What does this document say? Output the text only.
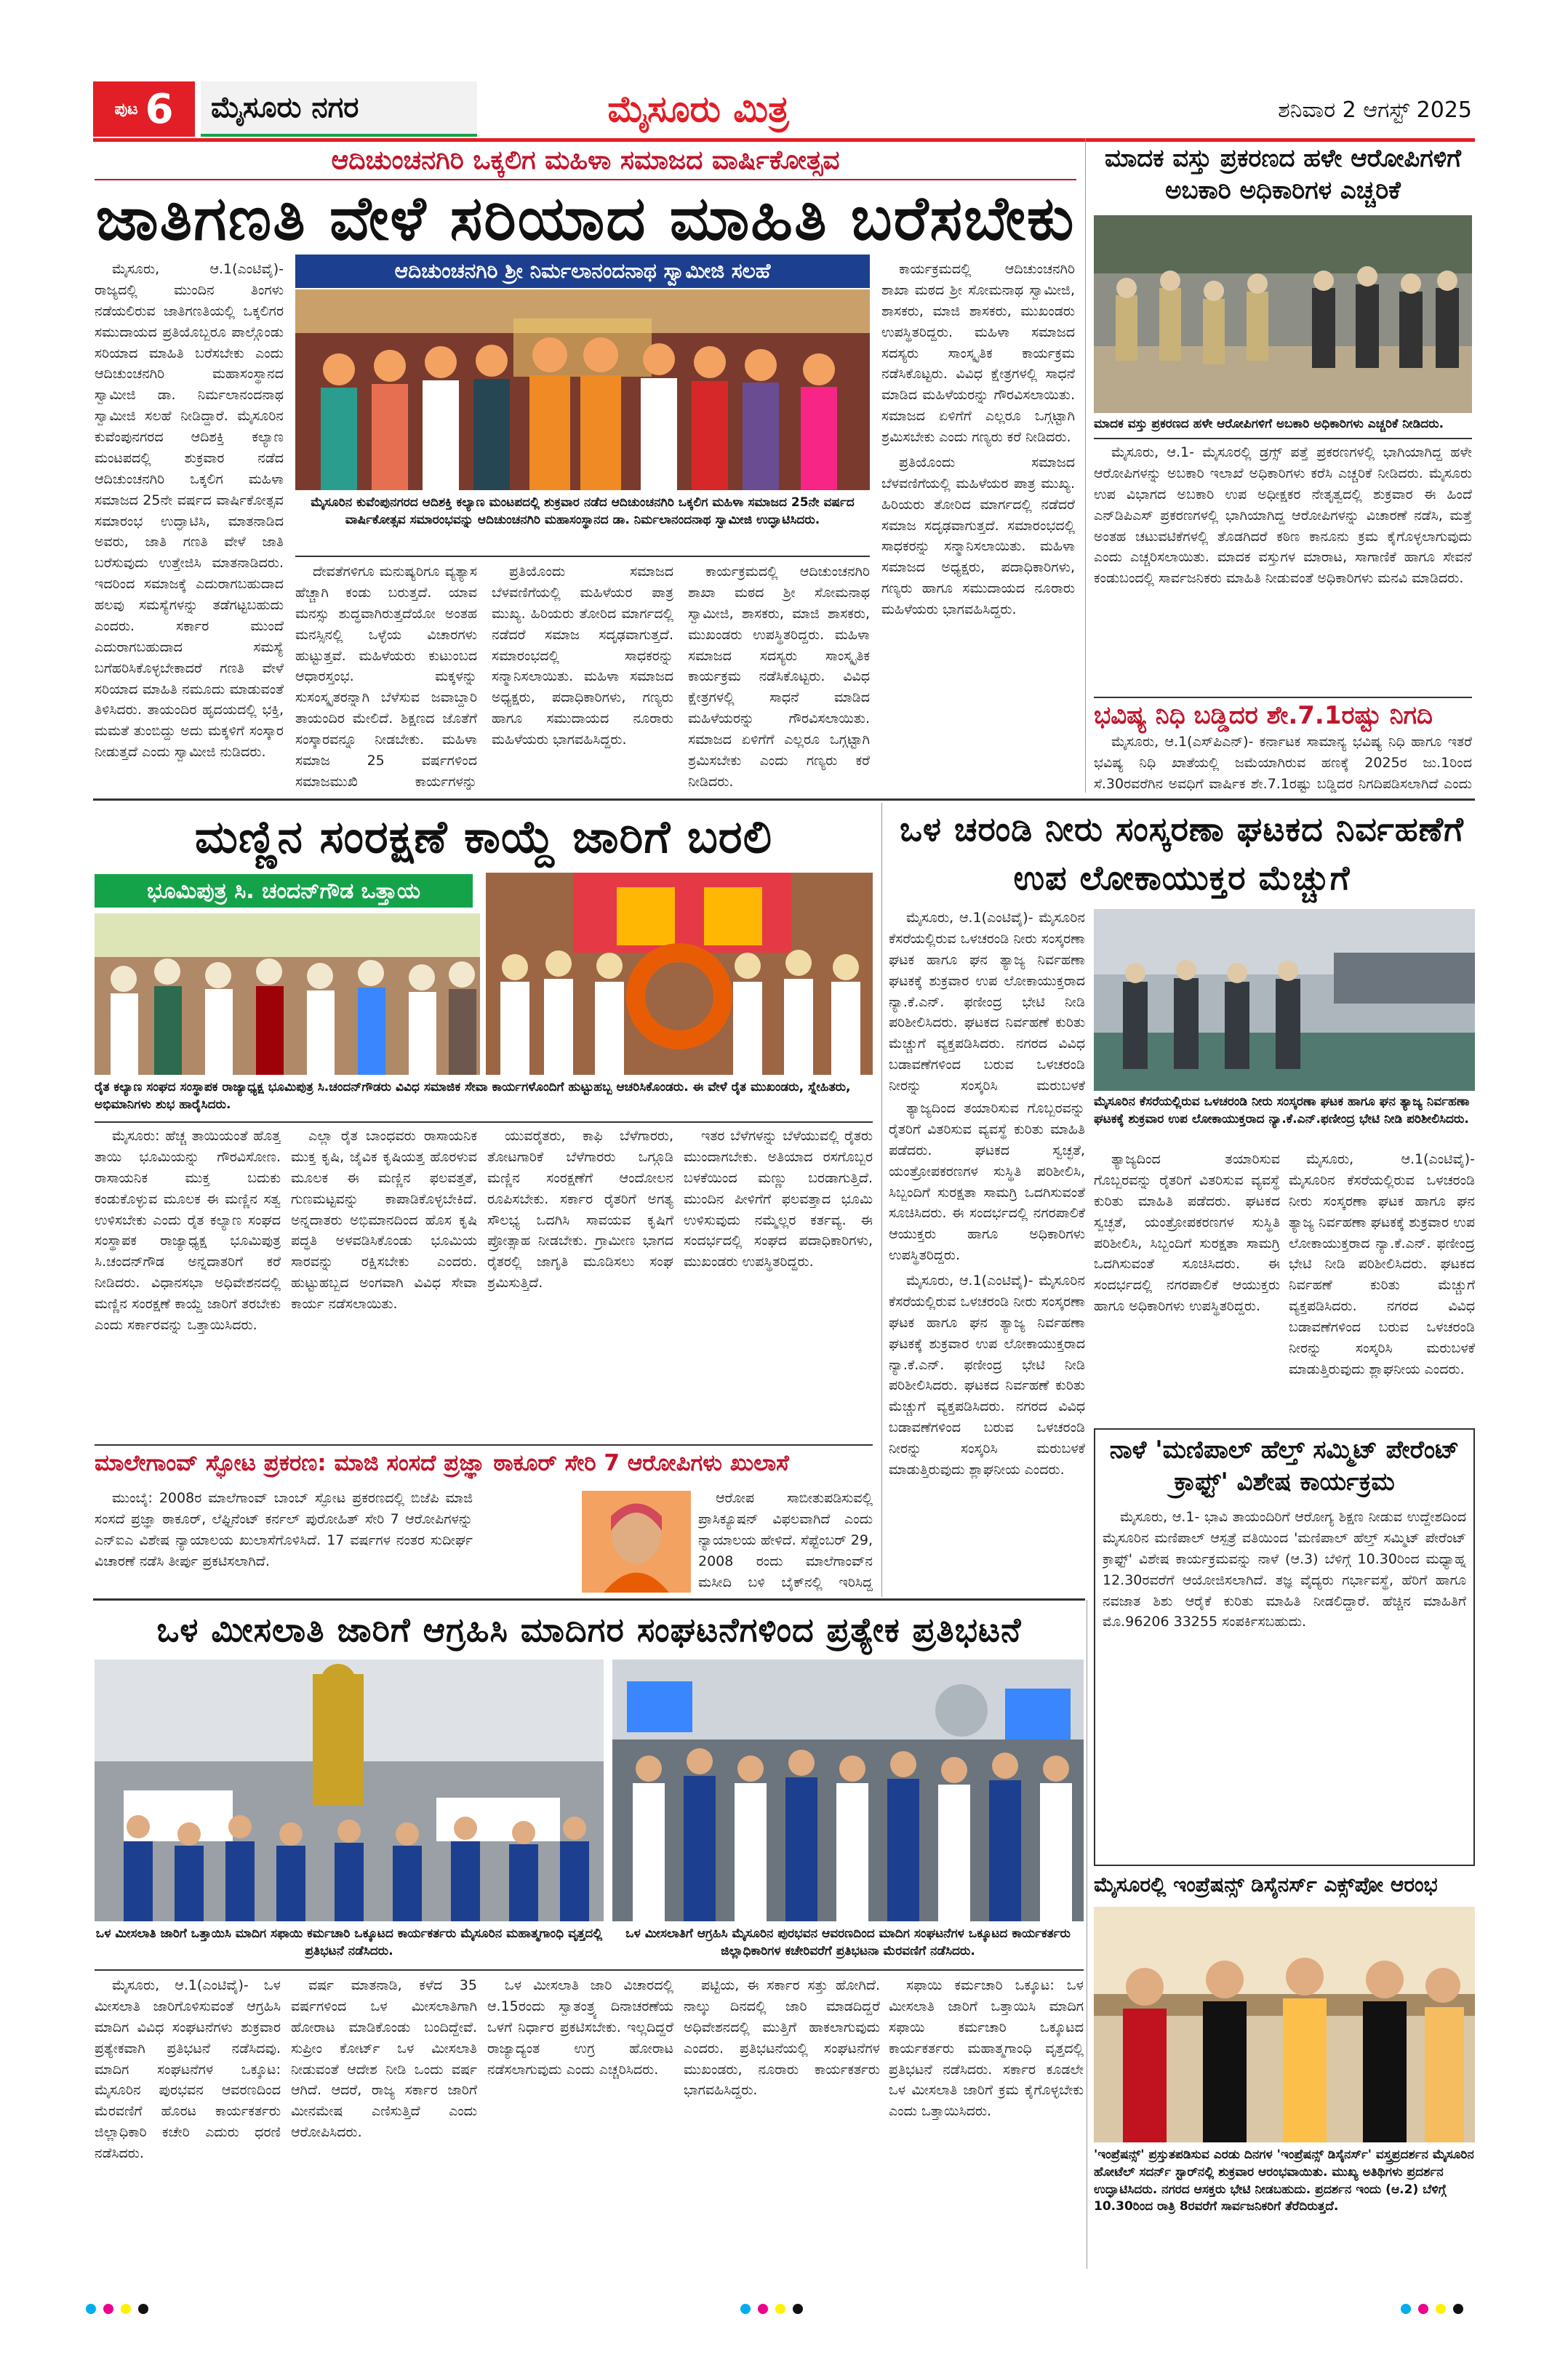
ಪುಟ 6	ಮೈಸೂರು ನಗರ	ಮೈಸೂರು ಮಿತ್ರ	ಶನಿವಾರ 2 ಆಗಸ್ಟ್ 2025
ಆದಿಚುಂಚನಗಿರಿ ಒಕ್ಕಲಿಗ ಮಹಿಳಾ ಸಮಾಜದ ವಾರ್ಷಿಕೋತ್ಸವ
ಜಾತಿಗಣತಿ ವೇಳೆ ಸರಿಯಾದ ಮಾಹಿತಿ ಬರೆಸಬೇಕು

ಮೈಸೂರು, ಆ.1(ಎಂಟಿವೈ)- ರಾಜ್ಯದಲ್ಲಿ ಮುಂದಿನ ತಿಂಗಳು ನಡೆಯಲಿರುವ ಜಾತಿಗಣತಿಯಲ್ಲಿ ಒಕ್ಕಲಿಗರ ಸಮುದಾಯದ ಪ್ರತಿಯೊಬ್ಬರೂ ಪಾಲ್ಗೊಂಡು ಸರಿಯಾದ ಮಾಹಿತಿ ಬರೆಸಬೇಕು ಎಂದು ಆದಿಚುಂಚನಗಿರಿ ಮಹಾಸಂಸ್ಥಾನದ ಸ್ವಾಮೀಜಿ ಡಾ. ನಿರ್ಮಲಾನಂದನಾಥ ಸ್ವಾಮೀಜಿ ಸಲಹೆ ನೀಡಿದ್ದಾರೆ. ಮೈಸೂರಿನ ಕುವೆಂಪುನಗರದ ಆದಿಶಕ್ತಿ ಕಲ್ಯಾಣ ಮಂಟಪದಲ್ಲಿ ಶುಕ್ರವಾರ ನಡೆದ ಆದಿಚುಂಚನಗಿರಿ ಒಕ್ಕಲಿಗ ಮಹಿಳಾ ಸಮಾಜದ 25ನೇ ವರ್ಷದ ವಾರ್ಷಿಕೋತ್ಸವ ಸಮಾರಂಭ ಉದ್ಘಾಟಿಸಿ, ಮಾತನಾಡಿದ ಅವರು, ಜಾತಿ ಗಣತಿ ವೇಳೆ ಜಾತಿ ಬರೆಸುವುದು ಉತ್ತೇಜಿಸಿ ಮಾತನಾಡಿದರು. ಇದರಿಂದ ಸಮಾಜಕ್ಕೆ ಎದುರಾಗಬಹುದಾದ ಹಲವು ಸಮಸ್ಯೆಗಳನ್ನು ತಡೆಗಟ್ಟಬಹುದು ಎಂದರು. ಸರ್ಕಾರ ಮುಂದೆ ಎದುರಾಗಬಹುದಾದ ಸಮಸ್ಯೆ ಬಗೆಹರಿಸಿಕೊಳ್ಳಬೇಕಾದರೆ ಗಣತಿ ವೇಳೆ ಸರಿಯಾದ ಮಾಹಿತಿ ನಮೂದು ಮಾಡುವಂತೆ ತಿಳಿಸಿದರು. ತಾಯಂದಿರ ಹೃದಯದಲ್ಲಿ ಭಕ್ತಿ, ಮಮತೆ ತುಂಬಿದ್ದು ಅದು ಮಕ್ಕಳಿಗೆ ಸಂಸ್ಕಾರ ನೀಡುತ್ತದೆ ಎಂದು ಸ್ವಾಮೀಜಿ ನುಡಿದರು.

ಆದಿಚುಂಚನಗಿರಿ ಶ್ರೀ ನಿರ್ಮಲಾನಂದನಾಥ ಸ್ವಾಮೀಜಿ ಸಲಹೆ
ಮೈಸೂರಿನ ಕುವೆಂಪುನಗರದ ಆದಿಶಕ್ತಿ ಕಲ್ಯಾಣ ಮಂಟಪದಲ್ಲಿ ಶುಕ್ರವಾರ ನಡೆದ ಆದಿಚುಂಚನಗಿರಿ ಒಕ್ಕಲಿಗ ಮಹಿಳಾ ಸಮಾಜದ 25ನೇ ವರ್ಷದ ವಾರ್ಷಿಕೋತ್ಸವ ಸಮಾರಂಭವನ್ನು ಆದಿಚುಂಚನಗಿರಿ ಮಹಾಸಂಸ್ಥಾನದ ಡಾ. ನಿರ್ಮಲಾನಂದನಾಥ ಸ್ವಾಮೀಜಿ ಉದ್ಘಾಟಿಸಿದರು.

ದೇವತೆಗಳಿಗೂ ಮನುಷ್ಯರಿಗೂ ವ್ಯತ್ಯಾಸ ಹೆಚ್ಚಾಗಿ ಕಂಡು ಬರುತ್ತದೆ. ಯಾವ ಮನಸ್ಸು ಶುದ್ಧವಾಗಿರುತ್ತದೆಯೋ ಅಂತಹ ಮನಸ್ಸಿನಲ್ಲಿ ಒಳ್ಳೆಯ ವಿಚಾರಗಳು ಹುಟ್ಟುತ್ತವೆ. ಮಹಿಳೆಯರು ಕುಟುಂಬದ ಆಧಾರಸ್ತಂಭ. ಮಕ್ಕಳನ್ನು ಸುಸಂಸ್ಕೃತರನ್ನಾಗಿ ಬೆಳೆಸುವ ಜವಾಬ್ದಾರಿ ತಾಯಂದಿರ ಮೇಲಿದೆ. ಶಿಕ್ಷಣದ ಜೊತೆಗೆ ಸಂಸ್ಕಾರವನ್ನೂ ನೀಡಬೇಕು. ಮಹಿಳಾ ಸಮಾಜ 25 ವರ್ಷಗಳಿಂದ ಸಮಾಜಮುಖಿ ಕಾರ್ಯಗಳನ್ನು

ಪ್ರತಿಯೊಂದು ಸಮಾಜದ ಬೆಳವಣಿಗೆಯಲ್ಲಿ ಮಹಿಳೆಯರ ಪಾತ್ರ ಮುಖ್ಯ. ಹಿರಿಯರು ತೋರಿದ ಮಾರ್ಗದಲ್ಲಿ ನಡೆದರೆ ಸಮಾಜ ಸದೃಢವಾಗುತ್ತದೆ. ಸಮಾರಂಭದಲ್ಲಿ ಸಾಧಕರನ್ನು ಸನ್ಮಾನಿಸಲಾಯಿತು. ಮಹಿಳಾ ಸಮಾಜದ ಅಧ್ಯಕ್ಷರು, ಪದಾಧಿಕಾರಿಗಳು, ಗಣ್ಯರು ಹಾಗೂ ಸಮುದಾಯದ ನೂರಾರು ಮಹಿಳೆಯರು ಭಾಗವಹಿಸಿದ್ದರು.

ಕಾರ್ಯಕ್ರಮದಲ್ಲಿ ಆದಿಚುಂಚನಗಿರಿ ಶಾಖಾ ಮಠದ ಶ್ರೀ ಸೋಮನಾಥ ಸ್ವಾಮೀಜಿ, ಶಾಸಕರು, ಮಾಜಿ ಶಾಸಕರು, ಮುಖಂಡರು ಉಪಸ್ಥಿತರಿದ್ದರು. ಮಹಿಳಾ ಸಮಾಜದ ಸದಸ್ಯರು ಸಾಂಸ್ಕೃತಿಕ ಕಾರ್ಯಕ್ರಮ ನಡೆಸಿಕೊಟ್ಟರು. ವಿವಿಧ ಕ್ಷೇತ್ರಗಳಲ್ಲಿ ಸಾಧನೆ ಮಾಡಿದ ಮಹಿಳೆಯರನ್ನು ಗೌರವಿಸಲಾಯಿತು. ಸಮಾಜದ ಏಳಿಗೆಗೆ ಎಲ್ಲರೂ ಒಗ್ಗಟ್ಟಾಗಿ ಶ್ರಮಿಸಬೇಕು ಎಂದು ಗಣ್ಯರು ಕರೆ ನೀಡಿದರು.

ಕಾರ್ಯಕ್ರಮದಲ್ಲಿ ಆದಿಚುಂಚನಗಿರಿ ಶಾಖಾ ಮಠದ ಶ್ರೀ ಸೋಮನಾಥ ಸ್ವಾಮೀಜಿ, ಶಾಸಕರು, ಮಾಜಿ ಶಾಸಕರು, ಮುಖಂಡರು ಉಪಸ್ಥಿತರಿದ್ದರು. ಮಹಿಳಾ ಸಮಾಜದ ಸದಸ್ಯರು ಸಾಂಸ್ಕೃತಿಕ ಕಾರ್ಯಕ್ರಮ ನಡೆಸಿಕೊಟ್ಟರು. ವಿವಿಧ ಕ್ಷೇತ್ರಗಳಲ್ಲಿ ಸಾಧನೆ ಮಾಡಿದ ಮಹಿಳೆಯರನ್ನು ಗೌರವಿಸಲಾಯಿತು. ಸಮಾಜದ ಏಳಿಗೆಗೆ ಎಲ್ಲರೂ ಒಗ್ಗಟ್ಟಾಗಿ ಶ್ರಮಿಸಬೇಕು ಎಂದು ಗಣ್ಯರು ಕರೆ ನೀಡಿದರು.

ಪ್ರತಿಯೊಂದು ಸಮಾಜದ ಬೆಳವಣಿಗೆಯಲ್ಲಿ ಮಹಿಳೆಯರ ಪಾತ್ರ ಮುಖ್ಯ. ಹಿರಿಯರು ತೋರಿದ ಮಾರ್ಗದಲ್ಲಿ ನಡೆದರೆ ಸಮಾಜ ಸದೃಢವಾಗುತ್ತದೆ. ಸಮಾರಂಭದಲ್ಲಿ ಸಾಧಕರನ್ನು ಸನ್ಮಾನಿಸಲಾಯಿತು. ಮಹಿಳಾ ಸಮಾಜದ ಅಧ್ಯಕ್ಷರು, ಪದಾಧಿಕಾರಿಗಳು, ಗಣ್ಯರು ಹಾಗೂ ಸಮುದಾಯದ ನೂರಾರು ಮಹಿಳೆಯರು ಭಾಗವಹಿಸಿದ್ದರು.

ಮಾದಕ ವಸ್ತು ಪ್ರಕರಣದ ಹಳೇ ಆರೋಪಿಗಳಿಗೆ ಅಬಕಾರಿ ಅಧಿಕಾರಿಗಳ ಎಚ್ಚರಿಕೆ
ಮಾದಕ ವಸ್ತು ಪ್ರಕರಣದ ಹಳೇ ಆರೋಪಿಗಳಿಗೆ ಅಬಕಾರಿ ಅಧಿಕಾರಿಗಳು ಎಚ್ಚರಿಕೆ ನೀಡಿದರು.

ಮೈಸೂರು, ಆ.1- ಮೈಸೂರಲ್ಲಿ ಡ್ರಗ್ಸ್ ಪತ್ತೆ ಪ್ರಕರಣಗಳಲ್ಲಿ ಭಾಗಿಯಾಗಿದ್ದ ಹಳೇ ಆರೋಪಿಗಳನ್ನು ಅಬಕಾರಿ ಇಲಾಖೆ ಅಧಿಕಾರಿಗಳು ಕರೆಸಿ ಎಚ್ಚರಿಕೆ ನೀಡಿದರು. ಮೈಸೂರು ಉಪ ವಿಭಾಗದ ಅಬಕಾರಿ ಉಪ ಅಧೀಕ್ಷಕರ ನೇತೃತ್ವದಲ್ಲಿ ಶುಕ್ರವಾರ ಈ ಹಿಂದೆ ಎನ್‌ಡಿಪಿಎಸ್ ಪ್ರಕರಣಗಳಲ್ಲಿ ಭಾಗಿಯಾಗಿದ್ದ ಆರೋಪಿಗಳನ್ನು ವಿಚಾರಣೆ ನಡೆಸಿ, ಮತ್ತೆ ಅಂತಹ ಚಟುವಟಿಕೆಗಳಲ್ಲಿ ತೊಡಗಿದರೆ ಕಠಿಣ ಕಾನೂನು ಕ್ರಮ ಕೈಗೊಳ್ಳಲಾಗುವುದು ಎಂದು ಎಚ್ಚರಿಸಲಾಯಿತು. ಮಾದಕ ವಸ್ತುಗಳ ಮಾರಾಟ, ಸಾಗಾಣಿಕೆ ಹಾಗೂ ಸೇವನೆ ಕಂಡುಬಂದಲ್ಲಿ ಸಾರ್ವಜನಿಕರು ಮಾಹಿತಿ ನೀಡುವಂತೆ ಅಧಿಕಾರಿಗಳು ಮನವಿ ಮಾಡಿದರು.

ಭವಿಷ್ಯ ನಿಧಿ ಬಡ್ಡಿದರ ಶೇ.7.1ರಷ್ಟು ನಿಗದಿ

ಮೈಸೂರು, ಆ.1(ಎಸ್‌ಪಿಎನ್)- ಕರ್ನಾಟಕ ಸಾಮಾನ್ಯ ಭವಿಷ್ಯ ನಿಧಿ ಹಾಗೂ ಇತರೆ ಭವಿಷ್ಯ ನಿಧಿ ಖಾತೆಯಲ್ಲಿ ಜಮೆಯಾಗಿರುವ ಹಣಕ್ಕೆ 2025ರ ಜು.1ರಿಂದ ಸೆ.30ರವರೆಗಿನ ಅವಧಿಗೆ ವಾರ್ಷಿಕ ಶೇ.7.1ರಷ್ಟು ಬಡ್ಡಿದರ ನಿಗದಿಪಡಿಸಲಾಗಿದೆ ಎಂದು

ಮಣ್ಣಿನ ಸಂರಕ್ಷಣೆ ಕಾಯ್ದೆ ಜಾರಿಗೆ ಬರಲಿ
ಭೂಮಿಪುತ್ರ ಸಿ. ಚಂದನ್‌ಗೌಡ ಒತ್ತಾಯ
ರೈತ ಕಲ್ಯಾಣ ಸಂಘದ ಸಂಸ್ಥಾಪಕ ರಾಜ್ಯಾಧ್ಯಕ್ಷ ಭೂಮಿಪುತ್ರ ಸಿ.ಚಂದನ್‌ಗೌಡರು ವಿವಿಧ ಸಮಾಜಿಕ ಸೇವಾ ಕಾರ್ಯಗಳೊಂದಿಗೆ ಹುಟ್ಟುಹಬ್ಬ ಆಚರಿಸಿಕೊಂಡರು. ಈ ವೇಳೆ ರೈತ ಮುಖಂಡರು, ಸ್ನೇಹಿತರು, ಅಭಿಮಾನಿಗಳು ಶುಭ ಹಾರೈಸಿದರು.

ಮೈಸೂರು: ಹೆಚ್ಚ ತಾಯಿಯಂತೆ ಹೊತ್ತ ತಾಯಿ ಭೂಮಿಯನ್ನು ಗೌರವಿಸೋಣ. ರಾಸಾಯನಿಕ ಮುಕ್ತ ಬದುಕು ಕಂಡುಕೊಳ್ಳುವ ಮೂಲಕ ಈ ಮಣ್ಣಿನ ಸತ್ವ ಉಳಿಸಬೇಕು ಎಂದು ರೈತ ಕಲ್ಯಾಣ ಸಂಘದ ಸಂಸ್ಥಾಪಕ ರಾಜ್ಯಾಧ್ಯಕ್ಷ ಭೂಮಿಪುತ್ರ ಸಿ.ಚಂದನ್‌ಗೌಡ ಅನ್ನದಾತರಿಗೆ ಕರೆ ನೀಡಿದರು. ವಿಧಾನಸಭಾ ಅಧಿವೇಶನದಲ್ಲಿ ಮಣ್ಣಿನ ಸಂರಕ್ಷಣೆ ಕಾಯ್ದೆ ಜಾರಿಗೆ ತರಬೇಕು ಎಂದು ಸರ್ಕಾರವನ್ನು ಒತ್ತಾಯಿಸಿದರು.

ಎಲ್ಲಾ ರೈತ ಬಾಂಧವರು ರಾಸಾಯನಿಕ ಮುಕ್ತ ಕೃಷಿ, ಜೈವಿಕ ಕೃಷಿಯತ್ತ ಹೊರಳುವ ಮೂಲಕ ಈ ಮಣ್ಣಿನ ಫಲವತ್ತತೆ, ಗುಣಮಟ್ಟವನ್ನು ಕಾಪಾಡಿಕೊಳ್ಳಬೇಕಿದೆ. ಅನ್ನದಾತರು ಅಭಿಮಾನದಿಂದ ಹೊಸ ಕೃಷಿ ಪದ್ಧತಿ ಅಳವಡಿಸಿಕೊಂಡು ಭೂಮಿಯ ಸಾರವನ್ನು ರಕ್ಷಿಸಬೇಕು ಎಂದರು. ಹುಟ್ಟುಹಬ್ಬದ ಅಂಗವಾಗಿ ವಿವಿಧ ಸೇವಾ ಕಾರ್ಯ ನಡೆಸಲಾಯಿತು.

ಯುವರೈತರು, ಕಾಫಿ ಬೆಳೆಗಾರರು, ತೋಟಗಾರಿಕೆ ಬೆಳೆಗಾರರು ಒಗ್ಗೂಡಿ ಮಣ್ಣಿನ ಸಂರಕ್ಷಣೆಗೆ ಆಂದೋಲನ ರೂಪಿಸಬೇಕು. ಸರ್ಕಾರ ರೈತರಿಗೆ ಅಗತ್ಯ ಸೌಲಭ್ಯ ಒದಗಿಸಿ ಸಾವಯವ ಕೃಷಿಗೆ ಪ್ರೋತ್ಸಾಹ ನೀಡಬೇಕು. ಗ್ರಾಮೀಣ ಭಾಗದ ರೈತರಲ್ಲಿ ಜಾಗೃತಿ ಮೂಡಿಸಲು ಸಂಘ ಶ್ರಮಿಸುತ್ತಿದೆ.

ಇತರ ಬೆಳೆಗಳನ್ನು ಬೆಳೆಯುವಲ್ಲಿ ರೈತರು ಮುಂದಾಗಬೇಕು. ಅತಿಯಾದ ರಸಗೊಬ್ಬರ ಬಳಕೆಯಿಂದ ಮಣ್ಣು ಬರಡಾಗುತ್ತಿದೆ. ಮುಂದಿನ ಪೀಳಿಗೆಗೆ ಫಲವತ್ತಾದ ಭೂಮಿ ಉಳಿಸುವುದು ನಮ್ಮೆಲ್ಲರ ಕರ್ತವ್ಯ. ಈ ಸಂದರ್ಭದಲ್ಲಿ ಸಂಘದ ಪದಾಧಿಕಾರಿಗಳು, ಮುಖಂಡರು ಉಪಸ್ಥಿತರಿದ್ದರು.

ಮಾಲೇಗಾಂವ್ ಸ್ಫೋಟ ಪ್ರಕರಣ: ಮಾಜಿ ಸಂಸದೆ ಪ್ರಜ್ಞಾ ಠಾಕೂರ್ ಸೇರಿ 7 ಆರೋಪಿಗಳು ಖುಲಾಸೆ

ಮುಂಬೈ: 2008ರ ಮಾಲೆಗಾಂವ್ ಬಾಂಬ್ ಸ್ಫೋಟ ಪ್ರಕರಣದಲ್ಲಿ ಬಿಜೆಪಿ ಮಾಜಿ ಸಂಸದೆ ಪ್ರಜ್ಞಾ ಠಾಕೂರ್, ಲೆಫ್ಟಿನೆಂಟ್ ಕರ್ನಲ್ ಪುರೋಹಿತ್ ಸೇರಿ 7 ಆರೋಪಿಗಳನ್ನು ಎನ್‌ಐಎ ವಿಶೇಷ ನ್ಯಾಯಾಲಯ ಖುಲಾಸೆಗೊಳಿಸಿದೆ. 17 ವರ್ಷಗಳ ನಂತರ ಸುದೀರ್ಘ ವಿಚಾರಣೆ ನಡೆಸಿ ತೀರ್ಪು ಪ್ರಕಟಿಸಲಾಗಿದೆ.

ಆರೋಪ ಸಾಬೀತುಪಡಿಸುವಲ್ಲಿ ಪ್ರಾಸಿಕ್ಯೂಷನ್ ವಿಫಲವಾಗಿದೆ ಎಂದು ನ್ಯಾಯಾಲಯ ಹೇಳಿದೆ. ಸೆಪ್ಟೆಂಬರ್ 29, 2008 ರಂದು ಮಾಲೆಗಾಂವ್‌ನ ಮಸೀದಿ ಬಳಿ ಬೈಕ್‌ನಲ್ಲಿ ಇರಿಸಿದ್ದ

ಒಳ ಚರಂಡಿ ನೀರು ಸಂಸ್ಕರಣಾ ಘಟಕದ ನಿರ್ವಹಣೆಗೆ ಉಪ ಲೋಕಾಯುಕ್ತರ ಮೆಚ್ಚುಗೆ

ಮೈಸೂರು, ಆ.1(ಎಂಟಿವೈ)- ಮೈಸೂರಿನ ಕೆಸರೆಯಲ್ಲಿರುವ ಒಳಚರಂಡಿ ನೀರು ಸಂಸ್ಕರಣಾ ಘಟಕ ಹಾಗೂ ಘನ ತ್ಯಾಜ್ಯ ನಿರ್ವಹಣಾ ಘಟಕಕ್ಕೆ ಶುಕ್ರವಾರ ಉಪ ಲೋಕಾಯುಕ್ತರಾದ ನ್ಯಾ.ಕೆ.ಎನ್. ಫಣೀಂದ್ರ ಭೇಟಿ ನೀಡಿ ಪರಿಶೀಲಿಸಿದರು. ಘಟಕದ ನಿರ್ವಹಣೆ ಕುರಿತು ಮೆಚ್ಚುಗೆ ವ್ಯಕ್ತಪಡಿಸಿದರು. ನಗರದ ವಿವಿಧ ಬಡಾವಣೆಗಳಿಂದ ಬರುವ ಒಳಚರಂಡಿ ನೀರನ್ನು ಸಂಸ್ಕರಿಸಿ ಮರುಬಳಕೆ

ಮೈಸೂರಿನ ಕೆಸರೆಯಲ್ಲಿರುವ ಒಳಚರಂಡಿ ನೀರು ಸಂಸ್ಕರಣಾ ಘಟಕ ಹಾಗೂ ಘನ ತ್ಯಾಜ್ಯ ನಿರ್ವಹಣಾ ಘಟಕಕ್ಕೆ ಶುಕ್ರವಾರ ಉಪ ಲೋಕಾಯುಕ್ತರಾದ ನ್ಯಾ.ಕೆ.ಎನ್.ಫಣೀಂದ್ರ ಭೇಟಿ ನೀಡಿ ಪರಿಶೀಲಿಸಿದರು.

ತ್ಯಾಜ್ಯದಿಂದ ತಯಾರಿಸುವ ಗೊಬ್ಬರವನ್ನು ರೈತರಿಗೆ ವಿತರಿಸುವ ವ್ಯವಸ್ಥೆ ಕುರಿತು ಮಾಹಿತಿ ಪಡೆದರು. ಘಟಕದ ಸ್ವಚ್ಛತೆ, ಯಂತ್ರೋಪಕರಣಗಳ ಸುಸ್ಥಿತಿ ಪರಿಶೀಲಿಸಿ, ಸಿಬ್ಬಂದಿಗೆ ಸುರಕ್ಷತಾ ಸಾಮಗ್ರಿ ಒದಗಿಸುವಂತೆ ಸೂಚಿಸಿದರು. ಈ ಸಂದರ್ಭದಲ್ಲಿ ನಗರಪಾಲಿಕೆ ಆಯುಕ್ತರು ಹಾಗೂ ಅಧಿಕಾರಿಗಳು ಉಪಸ್ಥಿತರಿದ್ದರು.

ಮೈಸೂರು, ಆ.1(ಎಂಟಿವೈ)- ಮೈಸೂರಿನ ಕೆಸರೆಯಲ್ಲಿರುವ ಒಳಚರಂಡಿ ನೀರು ಸಂಸ್ಕರಣಾ ಘಟಕ ಹಾಗೂ ಘನ ತ್ಯಾಜ್ಯ ನಿರ್ವಹಣಾ ಘಟಕಕ್ಕೆ ಶುಕ್ರವಾರ ಉಪ ಲೋಕಾಯುಕ್ತರಾದ ನ್ಯಾ.ಕೆ.ಎನ್. ಫಣೀಂದ್ರ ಭೇಟಿ ನೀಡಿ ಪರಿಶೀಲಿಸಿದರು. ಘಟಕದ ನಿರ್ವಹಣೆ ಕುರಿತು ಮೆಚ್ಚುಗೆ ವ್ಯಕ್ತಪಡಿಸಿದರು. ನಗರದ ವಿವಿಧ ಬಡಾವಣೆಗಳಿಂದ ಬರುವ ಒಳಚರಂಡಿ ನೀರನ್ನು ಸಂಸ್ಕರಿಸಿ ಮರುಬಳಕೆ ಮಾಡುತ್ತಿರುವುದು ಶ್ಲಾಘನೀಯ ಎಂದರು.

ತ್ಯಾಜ್ಯದಿಂದ ತಯಾರಿಸುವ ಗೊಬ್ಬರವನ್ನು ರೈತರಿಗೆ ವಿತರಿಸುವ ವ್ಯವಸ್ಥೆ ಕುರಿತು ಮಾಹಿತಿ ಪಡೆದರು. ಘಟಕದ ಸ್ವಚ್ಛತೆ, ಯಂತ್ರೋಪಕರಣಗಳ ಸುಸ್ಥಿತಿ ಪರಿಶೀಲಿಸಿ, ಸಿಬ್ಬಂದಿಗೆ ಸುರಕ್ಷತಾ ಸಾಮಗ್ರಿ ಒದಗಿಸುವಂತೆ ಸೂಚಿಸಿದರು. ಈ ಸಂದರ್ಭದಲ್ಲಿ ನಗರಪಾಲಿಕೆ ಆಯುಕ್ತರು ಹಾಗೂ ಅಧಿಕಾರಿಗಳು ಉಪಸ್ಥಿತರಿದ್ದರು.

ಮೈಸೂರು, ಆ.1(ಎಂಟಿವೈ)- ಮೈಸೂರಿನ ಕೆಸರೆಯಲ್ಲಿರುವ ಒಳಚರಂಡಿ ನೀರು ಸಂಸ್ಕರಣಾ ಘಟಕ ಹಾಗೂ ಘನ ತ್ಯಾಜ್ಯ ನಿರ್ವಹಣಾ ಘಟಕಕ್ಕೆ ಶುಕ್ರವಾರ ಉಪ ಲೋಕಾಯುಕ್ತರಾದ ನ್ಯಾ.ಕೆ.ಎನ್. ಫಣೀಂದ್ರ ಭೇಟಿ ನೀಡಿ ಪರಿಶೀಲಿಸಿದರು. ಘಟಕದ ನಿರ್ವಹಣೆ ಕುರಿತು ಮೆಚ್ಚುಗೆ ವ್ಯಕ್ತಪಡಿಸಿದರು. ನಗರದ ವಿವಿಧ ಬಡಾವಣೆಗಳಿಂದ ಬರುವ ಒಳಚರಂಡಿ ನೀರನ್ನು ಸಂಸ್ಕರಿಸಿ ಮರುಬಳಕೆ ಮಾಡುತ್ತಿರುವುದು ಶ್ಲಾಘನೀಯ ಎಂದರು.

ನಾಳೆ 'ಮಣಿಪಾಲ್ ಹೆಲ್ತ್ ಸಮ್ಮಿಟ್ ಪೇರೆಂಟ್ ಕ್ರಾಫ್ಟ್' ವಿಶೇಷ ಕಾರ್ಯಕ್ರಮ

ಮೈಸೂರು, ಆ.1- ಭಾವಿ ತಾಯಂದಿರಿಗೆ ಆರೋಗ್ಯ ಶಿಕ್ಷಣ ನೀಡುವ ಉದ್ದೇಶದಿಂದ ಮೈಸೂರಿನ ಮಣಿಪಾಲ್ ಆಸ್ಪತ್ರೆ ವತಿಯಿಂದ 'ಮಣಿಪಾಲ್ ಹೆಲ್ತ್ ಸಮ್ಮಿಟ್ ಪೇರೆಂಟ್ ಕ್ರಾಫ್ಟ್' ವಿಶೇಷ ಕಾರ್ಯಕ್ರಮವನ್ನು ನಾಳೆ (ಆ.3) ಬೆಳಿಗ್ಗೆ 10.30ರಿಂದ ಮಧ್ಯಾಹ್ನ 12.30ರವರೆಗೆ ಆಯೋಜಿಸಲಾಗಿದೆ. ತಜ್ಞ ವೈದ್ಯರು ಗರ್ಭಾವಸ್ಥೆ, ಹೆರಿಗೆ ಹಾಗೂ ನವಜಾತ ಶಿಶು ಆರೈಕೆ ಕುರಿತು ಮಾಹಿತಿ ನೀಡಲಿದ್ದಾರೆ. ಹೆಚ್ಚಿನ ಮಾಹಿತಿಗೆ ಮೊ.96206 33255 ಸಂಪರ್ಕಿಸಬಹುದು.

ಮೈಸೂರಲ್ಲಿ ಇಂಪ್ರೆಷನ್ಸ್ ಡಿಸೈನರ್ಸ್ ಎಕ್ಸ್‌ಪೋ ಆರಂಭ
'ಇಂಪ್ರೆಷನ್ಸ್' ಪ್ರಸ್ತುತಪಡಿಸುವ ಎರಡು ದಿನಗಳ 'ಇಂಪ್ರೆಷನ್ಸ್ ಡಿಸೈನರ್ಸ್' ವಸ್ತ್ರಪ್ರದರ್ಶನ ಮೈಸೂರಿನ ಹೋಟೆಲ್ ಸದರ್ನ್ ಸ್ಟಾರ್‌ನಲ್ಲಿ ಶುಕ್ರವಾರ ಆರಂಭವಾಯಿತು. ಮುಖ್ಯ ಅತಿಥಿಗಳು ಪ್ರದರ್ಶನ ಉದ್ಘಾಟಿಸಿದರು. ನಗರದ ಆಸಕ್ತರು ಭೇಟಿ ನೀಡಬಹುದು. ಪ್ರದರ್ಶನ ಇಂದು (ಆ.2) ಬೆಳಿಗ್ಗೆ 10.30ರಿಂದ ರಾತ್ರಿ 8ರವರೆಗೆ ಸಾರ್ವಜನಿಕರಿಗೆ ತೆರೆದಿರುತ್ತದೆ.
ಒಳ ಮೀಸಲಾತಿ ಜಾರಿಗೆ ಆಗ್ರಹಿಸಿ ಮಾದಿಗರ ಸಂಘಟನೆಗಳಿಂದ ಪ್ರತ್ಯೇಕ ಪ್ರತಿಭಟನೆ
ಒಳ ಮೀಸಲಾತಿ ಜಾರಿಗೆ ಒತ್ತಾಯಿಸಿ ಮಾದಿಗ ಸಫಾಯಿ ಕರ್ಮಚಾರಿ ಒಕ್ಕೂಟದ ಕಾರ್ಯಕರ್ತರು ಮೈಸೂರಿನ ಮಹಾತ್ಮಗಾಂಧಿ ವೃತ್ತದಲ್ಲಿ ಪ್ರತಿಭಟನೆ ನಡೆಸಿದರು.
ಒಳ ಮೀಸಲಾತಿಗೆ ಆಗ್ರಹಿಸಿ ಮೈಸೂರಿನ ಪುರಭವನ ಆವರಣದಿಂದ ಮಾದಿಗ ಸಂಘಟನೆಗಳ ಒಕ್ಕೂಟದ ಕಾರ್ಯಕರ್ತರು ಜಿಲ್ಲಾಧಿಕಾರಿಗಳ ಕಚೇರಿವರೆಗೆ ಪ್ರತಿಭಟನಾ ಮೆರವಣಿಗೆ ನಡೆಸಿದರು.

ಮೈಸೂರು, ಆ.1(ಎಂಟಿವೈ)- ಒಳ ಮೀಸಲಾತಿ ಜಾರಿಗೊಳಿಸುವಂತೆ ಆಗ್ರಹಿಸಿ ಮಾದಿಗ ವಿವಿಧ ಸಂಘಟನೆಗಳು ಶುಕ್ರವಾರ ಪ್ರತ್ಯೇಕವಾಗಿ ಪ್ರತಿಭಟನೆ ನಡೆಸಿದವು. ಮಾದಿಗ ಸಂಘಟನೆಗಳ ಒಕ್ಕೂಟ: ಮೈಸೂರಿನ ಪುರಭವನ ಆವರಣದಿಂದ ಮೆರವಣಿಗೆ ಹೊರಟ ಕಾರ್ಯಕರ್ತರು ಜಿಲ್ಲಾಧಿಕಾರಿ ಕಚೇರಿ ಎದುರು ಧರಣಿ ನಡೆಸಿದರು.

ವರ್ಷ ಮಾತನಾಡಿ, ಕಳೆದ 35 ವರ್ಷಗಳಿಂದ ಒಳ ಮೀಸಲಾತಿಗಾಗಿ ಹೋರಾಟ ಮಾಡಿಕೊಂಡು ಬಂದಿದ್ದೇವೆ. ಸುಪ್ರೀಂ ಕೋರ್ಟ್ ಒಳ ಮೀಸಲಾತಿ ನೀಡುವಂತೆ ಆದೇಶ ನೀಡಿ ಒಂದು ವರ್ಷ ಆಗಿದೆ. ಆದರೆ, ರಾಜ್ಯ ಸರ್ಕಾರ ಜಾರಿಗೆ ಮೀನಮೇಷ ಎಣಿಸುತ್ತಿದೆ ಎಂದು ಆರೋಪಿಸಿದರು.

ಒಳ ಮೀಸಲಾತಿ ಜಾರಿ ವಿಚಾರದಲ್ಲಿ ಆ.15ರಂದು ಸ್ವಾತಂತ್ರ್ಯ ದಿನಾಚರಣೆಯ ಒಳಗೆ ನಿರ್ಧಾರ ಪ್ರಕಟಿಸಬೇಕು. ಇಲ್ಲದಿದ್ದರೆ ರಾಜ್ಯಾದ್ಯಂತ ಉಗ್ರ ಹೋರಾಟ ನಡೆಸಲಾಗುವುದು ಎಂದು ಎಚ್ಚರಿಸಿದರು.

ಪಟ್ಟಿಯ, ಈ ಸರ್ಕಾರ ಸತ್ತು ಹೋಗಿದೆ. ನಾಲ್ಕು ದಿನದಲ್ಲಿ ಜಾರಿ ಮಾಡದಿದ್ದರೆ ಅಧಿವೇಶನದಲ್ಲಿ ಮುತ್ತಿಗೆ ಹಾಕಲಾಗುವುದು ಎಂದರು. ಪ್ರತಿಭಟನೆಯಲ್ಲಿ ಸಂಘಟನೆಗಳ ಮುಖಂಡರು, ನೂರಾರು ಕಾರ್ಯಕರ್ತರು ಭಾಗವಹಿಸಿದ್ದರು.

ಸಫಾಯಿ ಕರ್ಮಚಾರಿ ಒಕ್ಕೂಟ: ಒಳ ಮೀಸಲಾತಿ ಜಾರಿಗೆ ಒತ್ತಾಯಿಸಿ ಮಾದಿಗ ಸಫಾಯಿ ಕರ್ಮಚಾರಿ ಒಕ್ಕೂಟದ ಕಾರ್ಯಕರ್ತರು ಮಹಾತ್ಮಗಾಂಧಿ ವೃತ್ತದಲ್ಲಿ ಪ್ರತಿಭಟನೆ ನಡೆಸಿದರು. ಸರ್ಕಾರ ಕೂಡಲೇ ಒಳ ಮೀಸಲಾತಿ ಜಾರಿಗೆ ಕ್ರಮ ಕೈಗೊಳ್ಳಬೇಕು ಎಂದು ಒತ್ತಾಯಿಸಿದರು.
